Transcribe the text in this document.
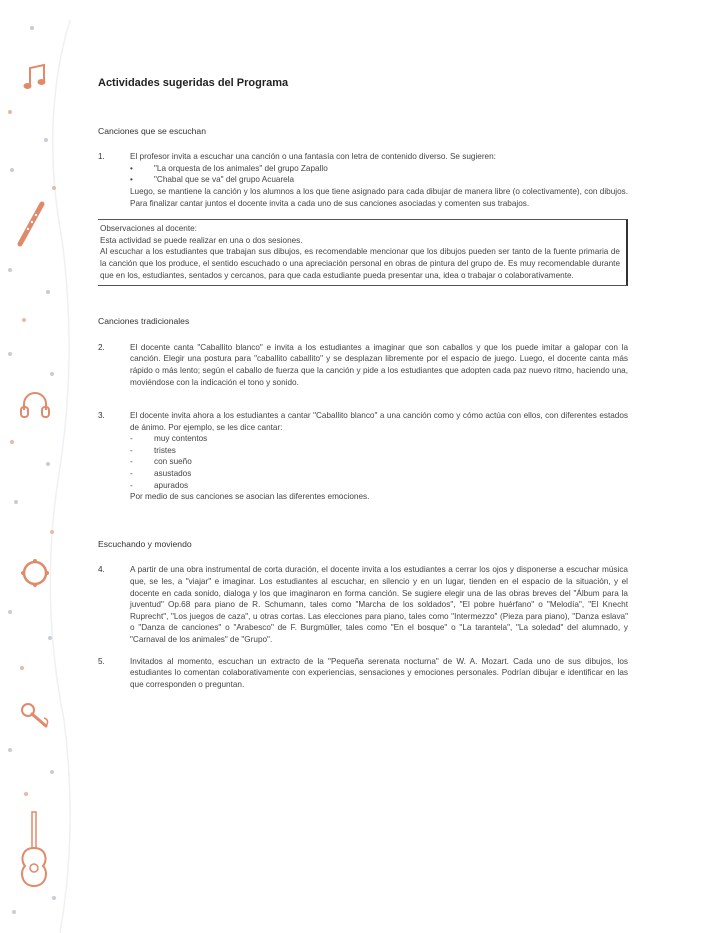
Actividades sugeridas del Programa
Canciones que se escuchan
1.	El profesor invita a escuchar una canción o una fantasía con letra de contenido diverso. Se sugieren:

•	"La orquesta de los animales" del grupo Zapallo
•	"Chabal que se va" del grupo Acuarela

Luego, se mantiene la canción y los alumnos a los que tiene asignado para cada dibujar de manera libre (o colectivamente), con dibujos. Para finalizar cantar juntos el docente invita a cada uno de sus canciones asociadas y comenten sus trabajos.

Observaciones al docente:

Esta actividad se puede realizar en una o dos sesiones.

Al escuchar a los estudiantes que trabajan sus dibujos, es recomendable mencionar que los dibujos pueden ser tanto de la fuente primaria de la canción que los produce, el sentido escuchado o una apreciación personal en obras de pintura del grupo de. Es muy recomendable durante que en los, estudiantes, sentados y cercanos, para que cada estudiante pueda presentar una, idea o trabajar o colaborativamente.

Canciones tradicionales
2.	El docente canta "Caballito blanco" e invita a los estudiantes a imaginar que son caballos y que los puede imitar a galopar con la canción. Elegir una postura para "caballito caballito" y se desplazan libremente por el espacio de juego. Luego, el docente canta más rápido o más lento; según el caballo de fuerza que la canción y pide a los estudiantes que adopten cada paz nuevo ritmo, haciendo una, moviéndose con la indicación el tono y sonido.

3.	El docente invita ahora a los estudiantes a cantar "Caballito blanco" a una canción como y cómo actúa con ellos, con diferentes estados de ánimo. Por ejemplo, se les dice cantar:

-	muy contentos
-	tristes
-	con sueño
-	asustados
-	apurados

Por medio de sus canciones se asocian las diferentes emociones.

Escuchando y moviendo
4.	A partir de una obra instrumental de corta duración, el docente invita a los estudiantes a cerrar los ojos y disponerse a escuchar música que, se les, a "viajar" e imaginar. Los estudiantes al escuchar, en silencio y en un lugar, tienden en el espacio de la situación, y el docente en cada sonido, dialoga y los que imaginaron en forma canción. Se sugiere elegir una de las obras breves del "Álbum para la juventud" Op.68 para piano de R. Schumann, tales como "Marcha de los soldados", "El pobre huérfano" o "Melodía", "El Knecht Ruprecht", "Los juegos de caza", u otras cortas. Las elecciones para piano, tales como "Intermezzo" (Pieza para piano), "Danza eslava" o "Danza de canciones" o "Arabesco" de F. Burgmüller, tales como "En el bosque" o "La tarantela", "La soledad" del alumnado, y "Carnaval de los animales" de "Grupo".

5.	Invitados al momento, escuchan un extracto de la "Pequeña serenata nocturna" de W. A. Mozart. Cada uno de sus dibujos, los estudiantes lo comentan colaborativamente con experiencias, sensaciones y emociones personales. Podrían dibujar e identificar en las que corresponden o preguntan.
